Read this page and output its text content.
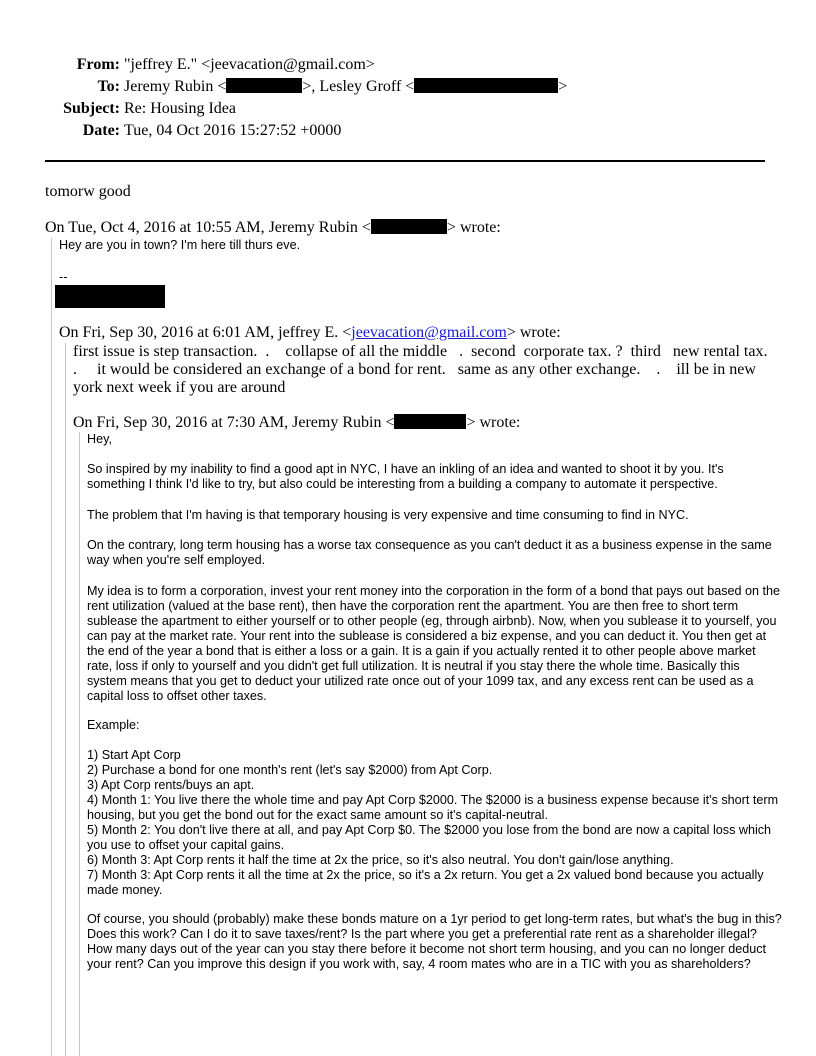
From: "jeffrey E." <jeevacation@gmail.com>
To: Jeremy Rubin <	>, Lesley Groff <	>
Subject: Re: Housing Idea
Date: Tue, 04 Oct 2016 15:27:52 +0000
tomorw good
On Tue, Oct 4, 2016 at 10:55 AM, Jeremy Rubin <	> wrote:
Hey are you in town? I'm here till thurs eve.
--
On Fri, Sep 30, 2016 at 6:01 AM, jeffrey E. <jeevacation@gmail.com> wrote:
first issue is step transaction.  .    collapse of all the middle   .  second  corporate tax. ?  third   new rental tax.
.     it would be considered an exchange of a bond for rent.   same as any other exchange.    .    ill be in new
york next week if you are around
On Fri, Sep 30, 2016 at 7:30 AM, Jeremy Rubin <	> wrote:
Hey,
So inspired by my inability to find a good apt in NYC, I have an inkling of an idea and wanted to shoot it by you. It's something I think I'd like to try, but also could be interesting from a building a company to automate it perspective.
The problem that I'm having is that temporary housing is very expensive and time consuming to find in NYC.
On the contrary, long term housing has a worse tax consequence as you can't deduct it as a business expense in the same way when you're self employed.
My idea is to form a corporation, invest your rent money into the corporation in the form of a bond that pays out based on the rent utilization (valued at the base rent), then have the corporation rent the apartment. You are then free to short term sublease the apartment to either yourself or to other people (eg, through airbnb). Now, when you sublease it to yourself, you can pay at the market rate. Your rent into the sublease is considered a biz expense, and you can deduct it. You then get at the end of the year a bond that is either a loss or a gain. It is a gain if you actually rented it to other people above market rate, loss if only to yourself and you didn't get full utilization. It is neutral if you stay there the whole time. Basically this system means that you get to deduct your utilized rate once out of your 1099 tax, and any excess rent can be used as a capital loss to offset other taxes.
Example:
1) Start Apt Corp
2) Purchase a bond for one month's rent (let's say $2000) from Apt Corp.
3) Apt Corp rents/buys an apt.
4) Month 1: You live there the whole time and pay Apt Corp $2000. The $2000 is a business expense because it's short term housing, but you get the bond out for the exact same amount so it's capital-neutral.
5) Month 2: You don't live there at all, and pay Apt Corp $0. The $2000 you lose from the bond are now a capital loss which you use to offset your capital gains.
6) Month 3: Apt Corp rents it half the time at 2x the price, so it's also neutral. You don't gain/lose anything.
7) Month 3: Apt Corp rents it all the time at 2x the price, so it's a 2x return. You get a 2x valued bond because you actually made money.
Of course, you should (probably) make these bonds mature on a 1yr period to get long-term rates, but what's the bug in this? Does this work? Can I do it to save taxes/rent? Is the part where you get a preferential rate rent as a shareholder illegal? How many days out of the year can you stay there before it become not short term housing, and you can no longer deduct your rent? Can you improve this design if you work with, say, 4 room mates who are in a TIC with you as shareholders?
